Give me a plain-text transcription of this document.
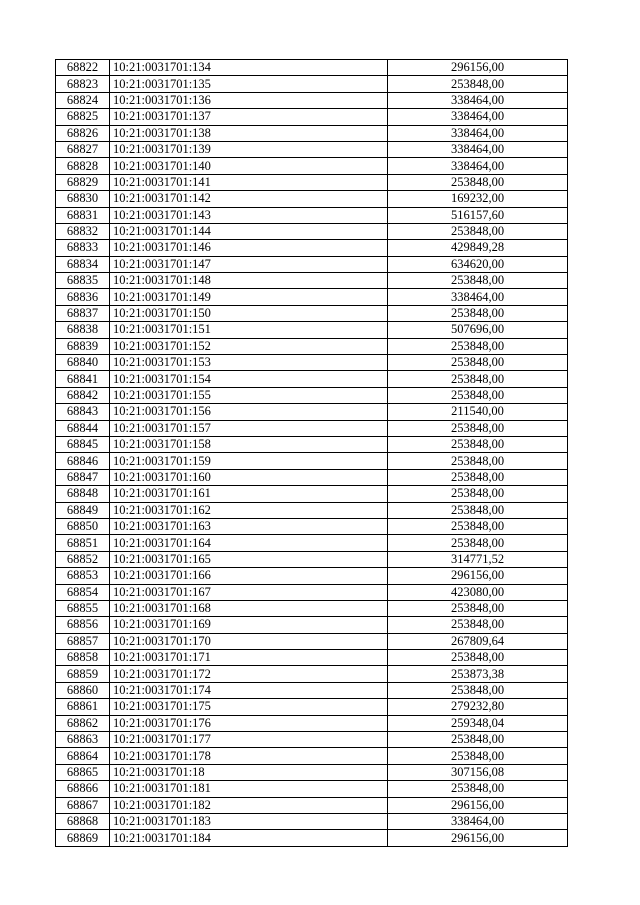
68822	10:21:0031701:134	296156,00
68823	10:21:0031701:135	253848,00
68824	10:21:0031701:136	338464,00
68825	10:21:0031701:137	338464,00
68826	10:21:0031701:138	338464,00
68827	10:21:0031701:139	338464,00
68828	10:21:0031701:140	338464,00
68829	10:21:0031701:141	253848,00
68830	10:21:0031701:142	169232,00
68831	10:21:0031701:143	516157,60
68832	10:21:0031701:144	253848,00
68833	10:21:0031701:146	429849,28
68834	10:21:0031701:147	634620,00
68835	10:21:0031701:148	253848,00
68836	10:21:0031701:149	338464,00
68837	10:21:0031701:150	253848,00
68838	10:21:0031701:151	507696,00
68839	10:21:0031701:152	253848,00
68840	10:21:0031701:153	253848,00
68841	10:21:0031701:154	253848,00
68842	10:21:0031701:155	253848,00
68843	10:21:0031701:156	211540,00
68844	10:21:0031701:157	253848,00
68845	10:21:0031701:158	253848,00
68846	10:21:0031701:159	253848,00
68847	10:21:0031701:160	253848,00
68848	10:21:0031701:161	253848,00
68849	10:21:0031701:162	253848,00
68850	10:21:0031701:163	253848,00
68851	10:21:0031701:164	253848,00
68852	10:21:0031701:165	314771,52
68853	10:21:0031701:166	296156,00
68854	10:21:0031701:167	423080,00
68855	10:21:0031701:168	253848,00
68856	10:21:0031701:169	253848,00
68857	10:21:0031701:170	267809,64
68858	10:21:0031701:171	253848,00
68859	10:21:0031701:172	253873,38
68860	10:21:0031701:174	253848,00
68861	10:21:0031701:175	279232,80
68862	10:21:0031701:176	259348,04
68863	10:21:0031701:177	253848,00
68864	10:21:0031701:178	253848,00
68865	10:21:0031701:18	307156,08
68866	10:21:0031701:181	253848,00
68867	10:21:0031701:182	296156,00
68868	10:21:0031701:183	338464,00
68869	10:21:0031701:184	296156,00
